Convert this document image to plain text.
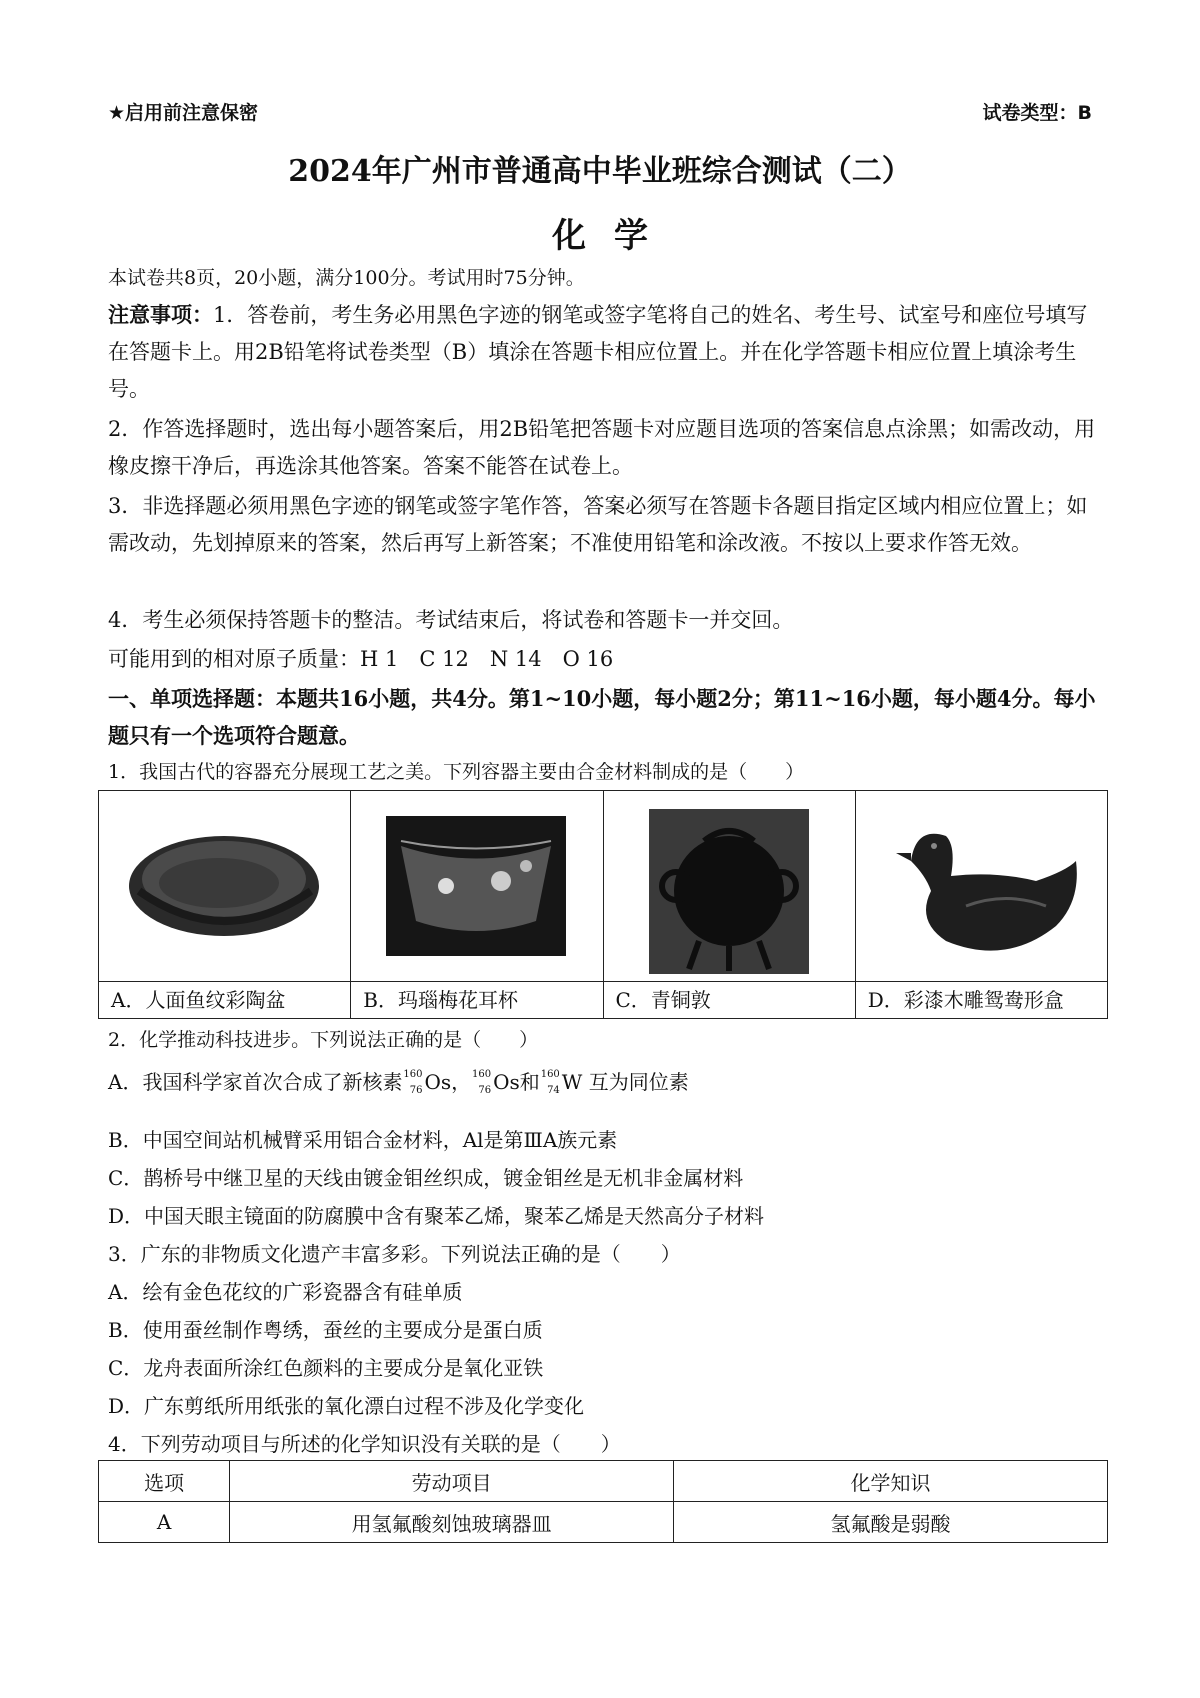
★启用前注意保密	试卷类型：B
2024年广州市普通高中毕业班综合测试（二）
化学
本试卷共8页，20小题，满分100分。考试用时75分钟。
注意事项：1．答卷前，考生务必用黑色字迹的钢笔或签字笔将自己的姓名、考生号、试室号和座位号填写在答题卡上。用2B铅笔将试卷类型（B）填涂在答题卡相应位置上。并在化学答题卡相应位置上填涂考生号。
2．作答选择题时，选出每小题答案后，用2B铅笔把答题卡对应题目选项的答案信息点涂黑；如需改动，用橡皮擦干净后，再选涂其他答案。答案不能答在试卷上。
3．非选择题必须用黑色字迹的钢笔或签字笔作答，答案必须写在答题卡各题目指定区域内相应位置上；如需改动，先划掉原来的答案，然后再写上新答案；不准使用铅笔和涂改液。不按以上要求作答无效。
4．考生必须保持答题卡的整洁。考试结束后，将试卷和答题卡一并交回。
可能用到的相对原子质量：H 1　C 12　N 14　O 16
一、单项选择题：本题共16小题，共4分。第1~10小题，每小题2分；第11~16小题，每小题4分。每小题只有一个选项符合题意。
1．我国古代的容器充分展现工艺之美。下列容器主要由合金材料制成的是（　　）
A．人面鱼纹彩陶盆	B．玛瑙梅花耳杯	C．青铜敦	D．彩漆木雕鸳鸯形盒
2．化学推动科技进步。下列说法正确的是（　　）
A．我国科学家首次合成了新核素 160
76 Os， 160
76 Os和 160
74 W 互为同位素
B．中国空间站机械臂采用铝合金材料，Al是第ⅢA族元素
C．鹊桥号中继卫星的天线由镀金钼丝织成，镀金钼丝是无机非金属材料
D．中国天眼主镜面的防腐膜中含有聚苯乙烯，聚苯乙烯是天然高分子材料
3．广东的非物质文化遗产丰富多彩。下列说法正确的是（　　）
A．绘有金色花纹的广彩瓷器含有硅单质
B．使用蚕丝制作粤绣，蚕丝的主要成分是蛋白质
C．龙舟表面所涂红色颜料的主要成分是氧化亚铁
D．广东剪纸所用纸张的氧化漂白过程不涉及化学变化
4．下列劳动项目与所述的化学知识没有关联的是（　　）
选项	劳动项目	化学知识
A	用氢氟酸刻蚀玻璃器皿	氢氟酸是弱酸
